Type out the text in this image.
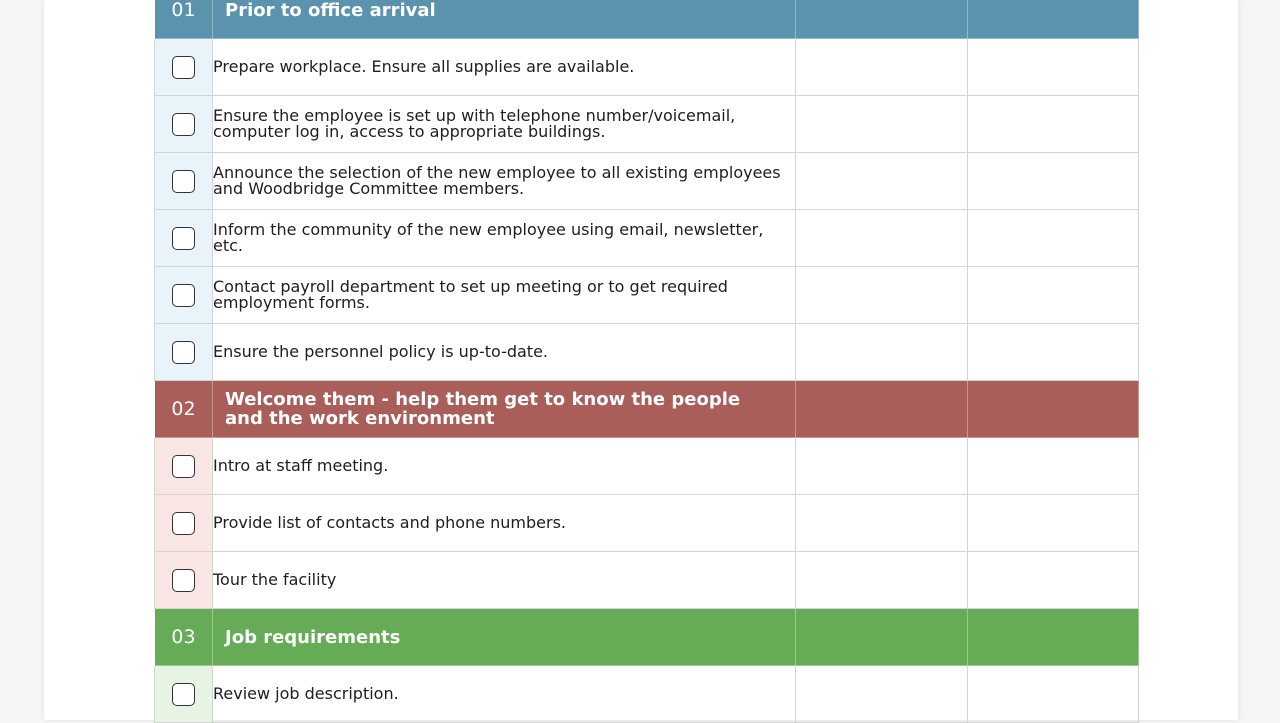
01	Prior to office arrival		

	Prepare workplace. Ensure all supplies are available.		

	Ensure the employee is set up with telephone number/voicemail, computer log in, access to appropriate buildings.		

	Announce the selection of the new employee to all existing employees and Woodbridge Committee members.		

	Inform the community of the new employee using email, newsletter, etc.		

	Contact payroll department to set up meeting or to get required employment forms.		

	Ensure the personnel policy is up-to-date.		

02	Welcome them - help them get to know the people and the work environment		

	Intro at staff meeting.		

	Provide list of contacts and phone numbers.		

	Tour the facility		

03	Job requirements		

	Review job description.		
